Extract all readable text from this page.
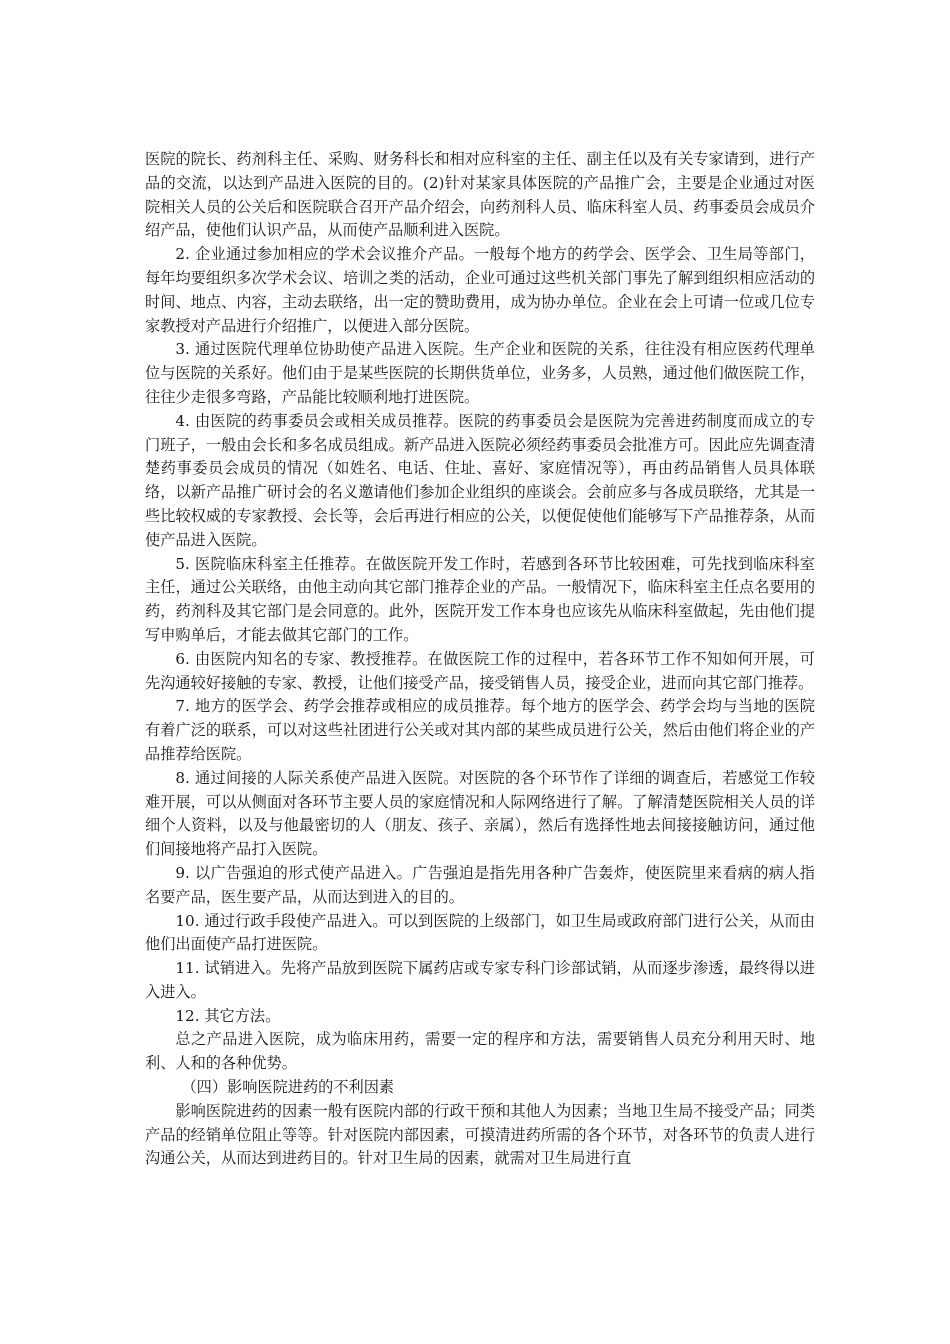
医院的院长、药剂科主任、采购、财务科长和相对应科室的主任、副主任以及有关专家请到，进行产品的交流，以达到产品进入医院的目的。(2)针对某家具体医院的产品推广会，主要是企业通过对医院相关人员的公关后和医院联合召开产品介绍会，向药剂科人员、临床科室人员、药事委员会成员介绍产品，使他们认识产品，从而使产品顺利进入医院。

2. 企业通过参加相应的学术会议推介产品。一般每个地方的药学会、医学会、卫生局等部门，每年均要组织多次学术会议、培训之类的活动，企业可通过这些机关部门事先了解到组织相应活动的时间、地点、内容，主动去联络，出一定的赞助费用，成为协办单位。企业在会上可请一位或几位专家教授对产品进行介绍推广，以便进入部分医院。

3. 通过医院代理单位协助使产品进入医院。生产企业和医院的关系，往往没有相应医药代理单位与医院的关系好。他们由于是某些医院的长期供货单位，业务多，人员熟，通过他们做医院工作，往往少走很多弯路，产品能比较顺利地打进医院。

4. 由医院的药事委员会或相关成员推荐。医院的药事委员会是医院为完善进药制度而成立的专门班子，一般由会长和多名成员组成。新产品进入医院必须经药事委员会批准方可。因此应先调查清楚药事委员会成员的情况（如姓名、电话、住址、喜好、家庭情况等），再由药品销售人员具体联络，以新产品推广研讨会的名义邀请他们参加企业组织的座谈会。会前应多与各成员联络，尤其是一些比较权威的专家教授、会长等，会后再进行相应的公关，以便促使他们能够写下产品推荐条，从而使产品进入医院。

5. 医院临床科室主任推荐。在做医院开发工作时，若感到各环节比较困难，可先找到临床科室主任，通过公关联络，由他主动向其它部门推荐企业的产品。一般情况下，临床科室主任点名要用的药，药剂科及其它部门是会同意的。此外，医院开发工作本身也应该先从临床科室做起，先由他们提写申购单后，才能去做其它部门的工作。

6. 由医院内知名的专家、教授推荐。在做医院工作的过程中，若各环节工作不知如何开展，可先沟通较好接触的专家、教授，让他们接受产品，接受销售人员，接受企业，进而向其它部门推荐。

7. 地方的医学会、药学会推荐或相应的成员推荐。每个地方的医学会、药学会均与当地的医院有着广泛的联系，可以对这些社团进行公关或对其内部的某些成员进行公关，然后由他们将企业的产品推荐给医院。

8. 通过间接的人际关系使产品进入医院。对医院的各个环节作了详细的调查后，若感觉工作较难开展，可以从侧面对各环节主要人员的家庭情况和人际网络进行了解。了解清楚医院相关人员的详细个人资料，以及与他最密切的人（朋友、孩子、亲属），然后有选择性地去间接接触访问，通过他们间接地将产品打入医院。

9. 以广告强迫的形式使产品进入。广告强迫是指先用各种广告轰炸，使医院里来看病的病人指名要产品，医生要产品，从而达到进入的目的。

10. 通过行政手段使产品进入。可以到医院的上级部门，如卫生局或政府部门进行公关，从而由他们出面使产品打进医院。

11. 试销进入。先将产品放到医院下属药店或专家专科门诊部试销，从而逐步渗透，最终得以进入进入。

12. 其它方法。

总之产品进入医院，成为临床用药，需要一定的程序和方法，需要销售人员充分利用天时、地利、人和的各种优势。

（四）影响医院进药的不利因素

影响医院进药的因素一般有医院内部的行政干预和其他人为因素；当地卫生局不接受产品；同类产品的经销单位阻止等等。针对医院内部因素，可摸清进药所需的各个环节，对各环节的负责人进行沟通公关，从而达到进药目的。针对卫生局的因素，就需对卫生局进行直
